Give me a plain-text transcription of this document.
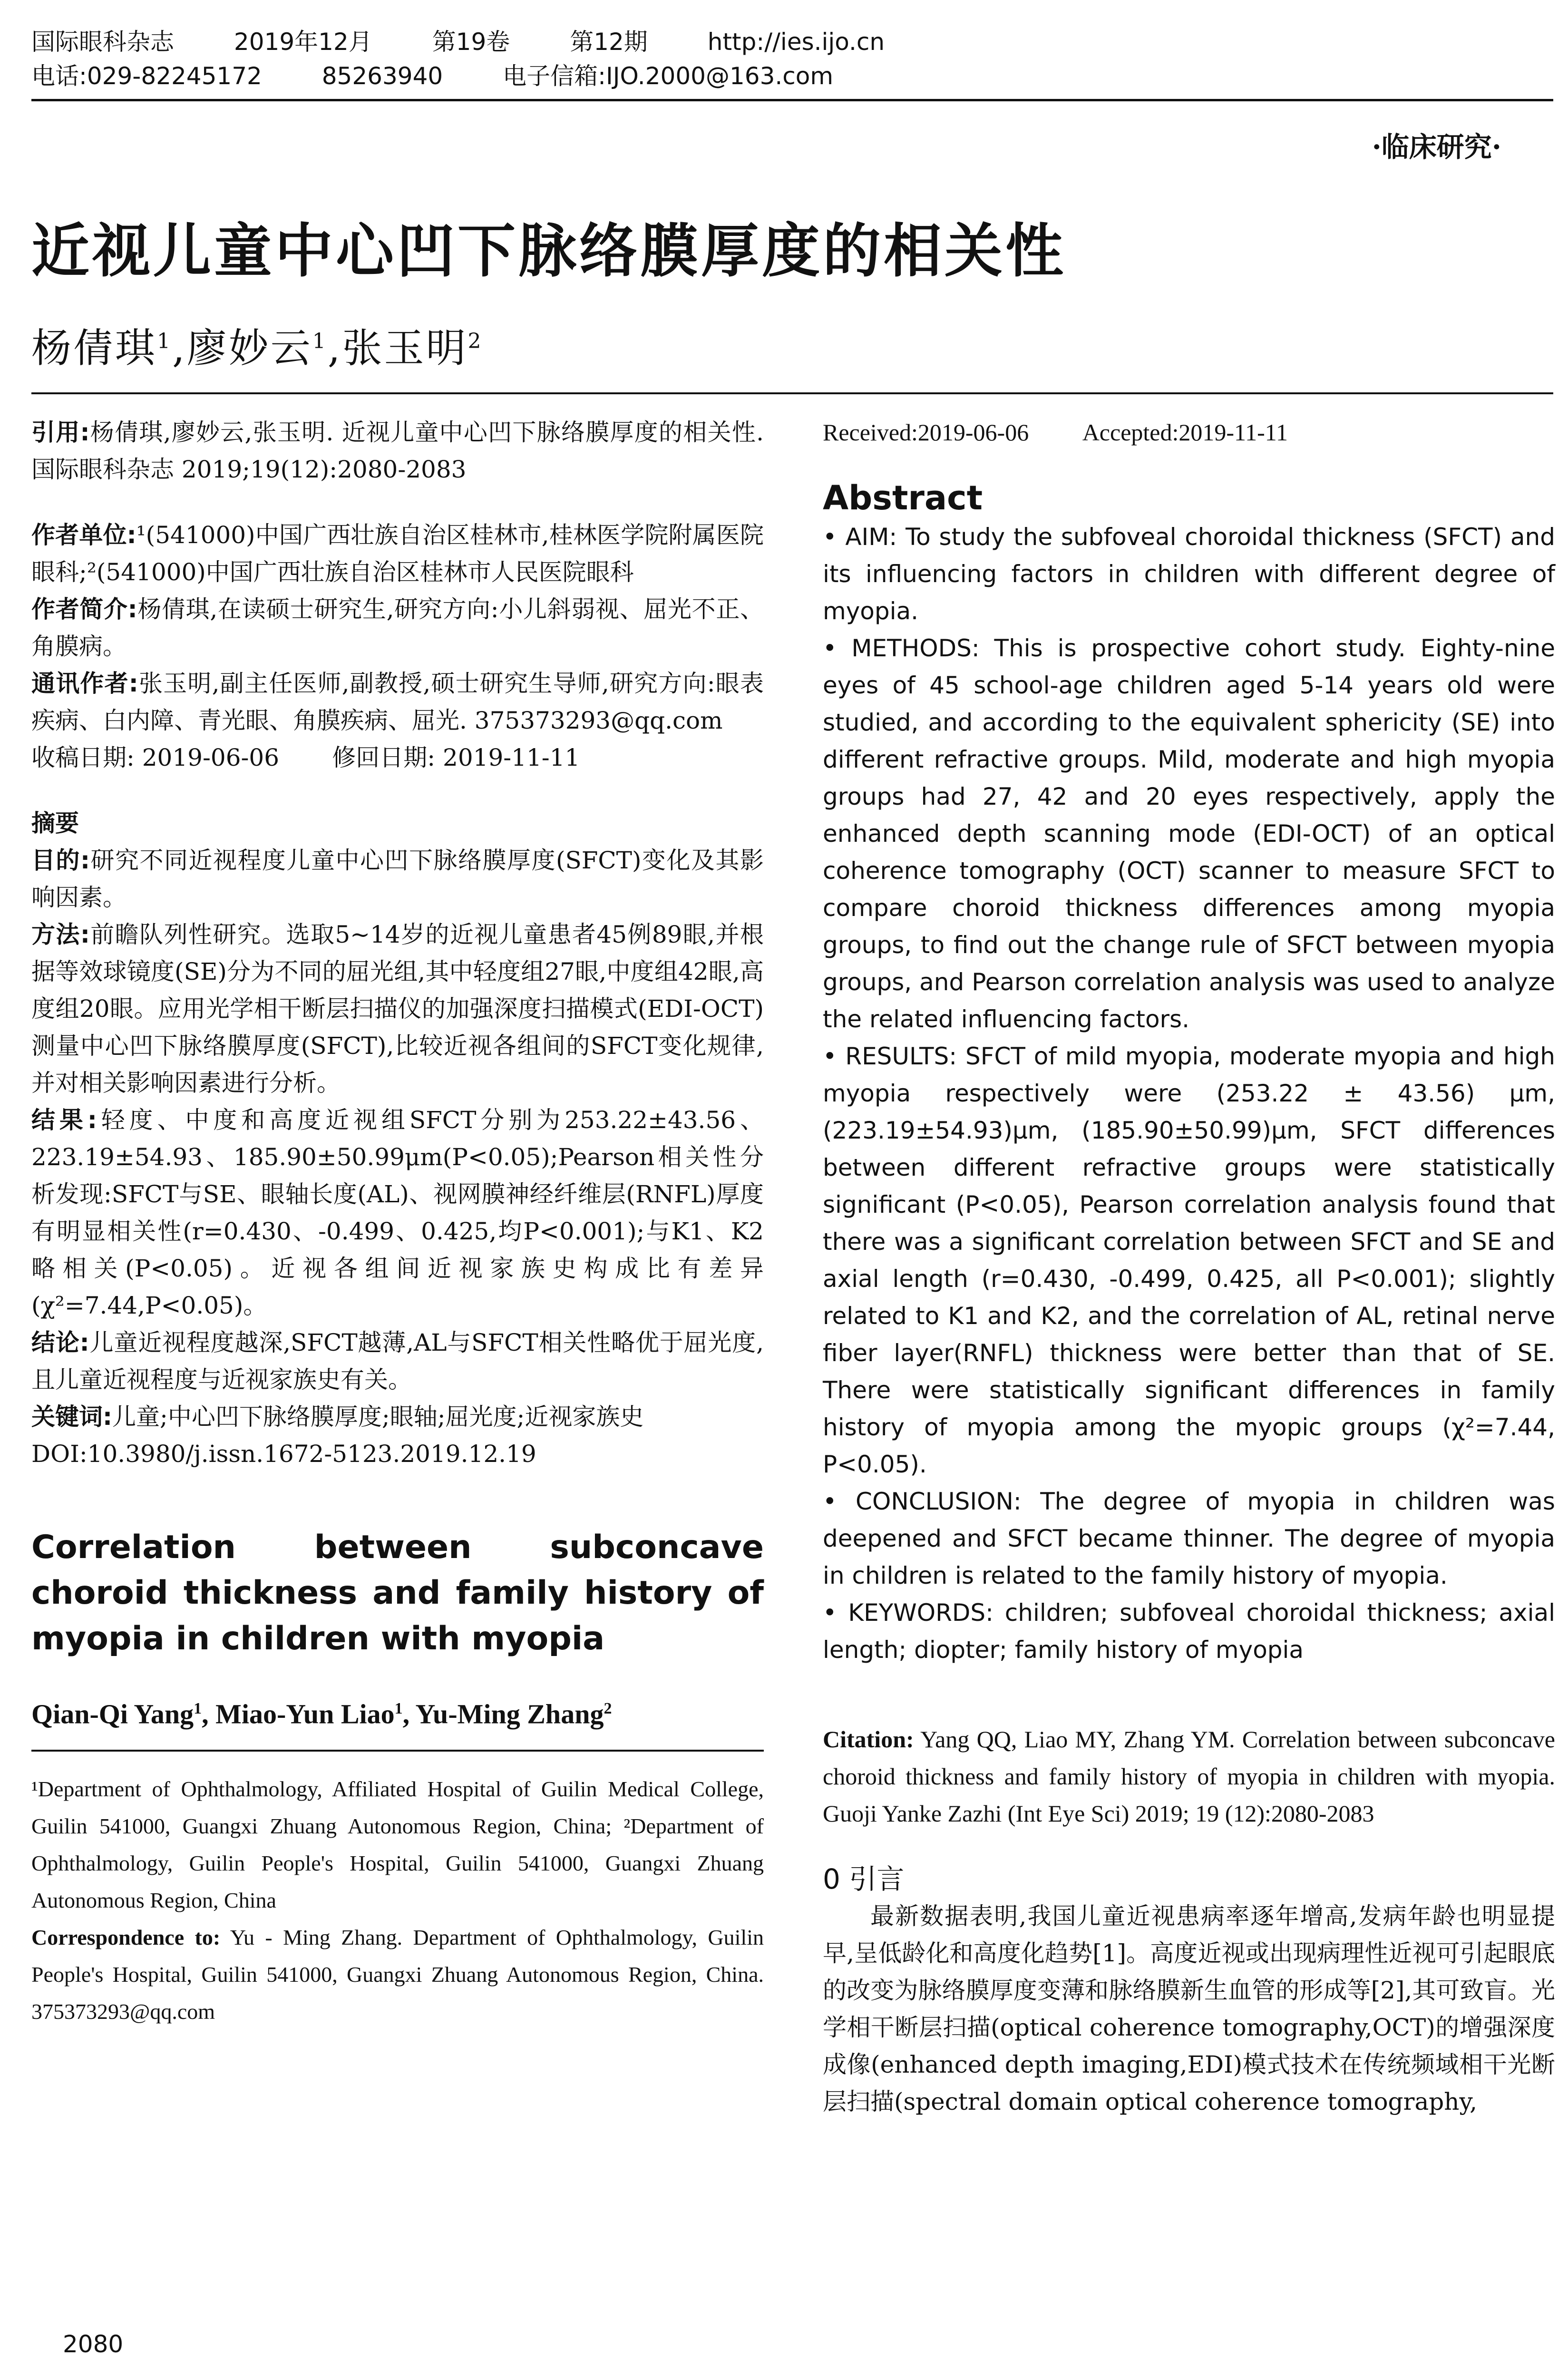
国际眼科杂志	2019年12月	第19卷	第12期	http://ies.ijo.cn
电话:029-82245172	85263940	电子信箱:IJO.2000@163.com
·临床研究·
近视儿童中心凹下脉络膜厚度的相关性
杨倩琪$^1$,廖妙云$^1$,张玉明$^2$

引用:杨倩琪,廖妙云,张玉明. 近视儿童中心凹下脉络膜厚度的相关性.国际眼科杂志 2019;19(12):2080-2083

作者单位:¹(541000)中国广西壮族自治区桂林市,桂林医学院附属医院眼科;²(541000)中国广西壮族自治区桂林市人民医院眼科

作者简介:杨倩琪,在读硕士研究生,研究方向:小儿斜弱视、屈光不正、角膜病。

通讯作者:张玉明,副主任医师,副教授,硕士研究生导师,研究方向:眼表疾病、白内障、青光眼、角膜疾病、屈光. 375373293@qq.com

收稿日期: 2019-06-06 修回日期: 2019-11-11

摘要

目的:研究不同近视程度儿童中心凹下脉络膜厚度(SFCT)变化及其影响因素。

方法:前瞻队列性研究。选取5~14岁的近视儿童患者45例89眼,并根据等效球镜度(SE)分为不同的屈光组,其中轻度组27眼,中度组42眼,高度组20眼。应用光学相干断层扫描仪的加强深度扫描模式(EDI-OCT)测量中心凹下脉络膜厚度(SFCT),比较近视各组间的SFCT变化规律,并对相关影响因素进行分析。

结果:轻度、中度和高度近视组SFCT分别为253.22±43.56、223.19±54.93、185.90±50.99μm(P<0.05);Pearson相关性分析发现:SFCT与SE、眼轴长度(AL)、视网膜神经纤维层(RNFL)厚度有明显相关性(r=0.430、-0.499、0.425,均P<0.001);与K1、K2略相关(P<0.05)。近视各组间近视家族史构成比有差异(χ²=7.44,P<0.05)。

结论:儿童近视程度越深,SFCT越薄,AL与SFCT相关性略优于屈光度,且儿童近视程度与近视家族史有关。

关键词:儿童;中心凹下脉络膜厚度;眼轴;屈光度;近视家族史

DOI:10.3980/j.issn.1672-5123.2019.12.19

Correlation between subconcave choroid thickness and family history of myopia in children with myopia
Qian-Qi Yang$^1$, Miao-Yun Liao$^1$, Yu-Ming Zhang$^2$

¹Department of Ophthalmology, Affiliated Hospital of Guilin Medical College, Guilin 541000, Guangxi Zhuang Autonomous Region, China; ²Department of Ophthalmology, Guilin People's Hospital, Guilin 541000, Guangxi Zhuang Autonomous Region, China

Correspondence to: Yu - Ming Zhang. Department of Ophthalmology, Guilin People's Hospital, Guilin 541000, Guangxi Zhuang Autonomous Region, China. 375373293@qq.com

Received:2019-06-06 Accepted:2019-11-11

Abstract

• AIM: To study the subfoveal choroidal thickness (SFCT) and its influencing factors in children with different degree of myopia.

• METHODS: This is prospective cohort study. Eighty-nine eyes of 45 school-age children aged 5-14 years old were studied, and according to the equivalent sphericity (SE) into different refractive groups. Mild, moderate and high myopia groups had 27, 42 and 20 eyes respectively, apply the enhanced depth scanning mode (EDI-OCT) of an optical coherence tomography (OCT) scanner to measure SFCT to compare choroid thickness differences among myopia groups, to find out the change rule of SFCT between myopia groups, and Pearson correlation analysis was used to analyze the related influencing factors.

• RESULTS: SFCT of mild myopia, moderate myopia and high myopia respectively were (253.22 ± 43.56) μm, (223.19±54.93)μm, (185.90±50.99)μm, SFCT differences between different refractive groups were statistically significant (P<0.05), Pearson correlation analysis found that there was a significant correlation between SFCT and SE and axial length (r=0.430, -0.499, 0.425, all P<0.001); slightly related to K1 and K2, and the correlation of AL, retinal nerve fiber layer(RNFL) thickness were better than that of SE. There were statistically significant differences in family history of myopia among the myopic groups (χ²=7.44, P<0.05).

• CONCLUSION: The degree of myopia in children was deepened and SFCT became thinner. The degree of myopia in children is related to the family history of myopia.

• KEYWORDS: children; subfoveal choroidal thickness; axial length; diopter; family history of myopia

Citation: Yang QQ, Liao MY, Zhang YM. Correlation between subconcave choroid thickness and family history of myopia in children with myopia. Guoji Yanke Zazhi (Int Eye Sci) 2019; 19 (12):2080-2083

0 引言

最新数据表明,我国儿童近视患病率逐年增高,发病年龄也明显提早,呈低龄化和高度化趋势[1]。高度近视或出现病理性近视可引起眼底的改变为脉络膜厚度变薄和脉络膜新生血管的形成等[2],其可致盲。光学相干断层扫描(optical coherence tomography,OCT)的增强深度成像(enhanced depth imaging,EDI)模式技术在传统频域相干光断层扫描(spectral domain optical coherence tomography,

2080
